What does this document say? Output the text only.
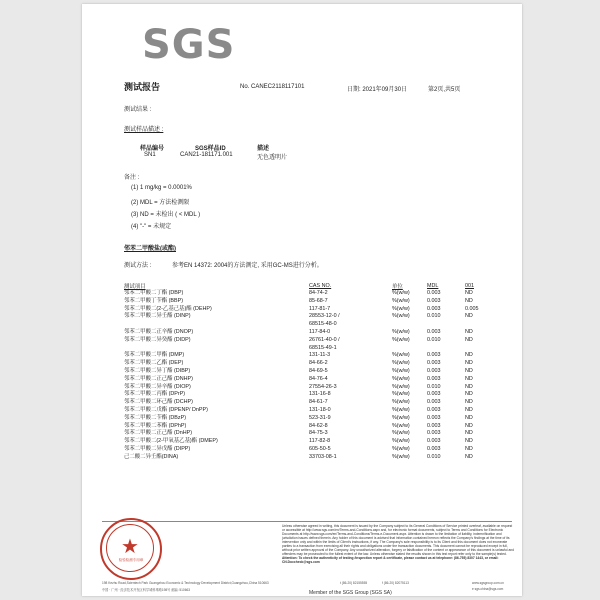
SGS
测试报告	No. CANEC2118117101	日期: 2021年09月30日	第2页,共5页
测试结果 :
测试样品描述 :
样品编号	SGS样品ID	描述
SN1	CAN21-181171.001	无色透明片
备注 :
(1) 1 mg/kg = 0.0001%
(2) MDL = 方法检测限
(3) ND = 未检出 ( < MDL )
(4) "-" = 未规定
邻苯二甲酸盐(或酯)
测试方法 :	参考EN 14372: 2004的方法测定, 采用GC-MS进行分析。
测试项目	CAS NO.	单位	MDL	001
邻苯二甲酸二丁酯 (DBP)	84-74-2	%(w/w)	0.003	ND
邻苯二甲酸丁苄酯 (BBP)	85-68-7	%(w/w)	0.003	ND
邻苯二甲酸二(2-乙基己基)酯 (DEHP)	117-81-7	%(w/w)	0.003	0.005
邻苯二甲酸二异壬酯 (DINP)	28553-12-0 /
68515-48-0	%(w/w)	0.010	ND
邻苯二甲酸二正辛酯 (DNOP)	117-84-0	%(w/w)	0.003	ND
邻苯二甲酸二异癸酯 (DIDP)	26761-40-0 /
68515-49-1	%(w/w)	0.010	ND
邻苯二甲酸二甲酯 (DMP)	131-11-3	%(w/w)	0.003	ND
邻苯二甲酸二乙酯 (DEP)	84-66-2	%(w/w)	0.003	ND
邻苯二甲酸二异丁酯 (DIBP)	84-69-5	%(w/w)	0.003	ND
邻苯二甲酸二正己酯 (DNHP)	84-76-4	%(w/w)	0.003	ND
邻苯二甲酸二异辛酯 (DIOP)	27554-26-3	%(w/w)	0.010	ND
邻苯二甲酸二丙酯 (DPrP)	131-16-8	%(w/w)	0.003	ND
邻苯二甲酸二环己酯 (DCHP)	84-61-7	%(w/w)	0.003	ND
邻苯二甲酸二戊酯 (DPENP/ DnPP)	131-18-0	%(w/w)	0.003	ND
邻苯二甲酸二苄酯 (DBzP)	523-31-9	%(w/w)	0.003	ND
邻苯二甲酸二苯酯 (DPhP)	84-62-8	%(w/w)	0.003	ND
邻苯二甲酸二正己酯 (DnHP)	84-75-3	%(w/w)	0.003	ND
邻苯二甲酸二(2-甲氧基乙基)酯 (DMEP)	117-82-8	%(w/w)	0.003	ND
邻苯二甲酸二异戊酯 (DIPP)	605-50-5	%(w/w)	0.003	ND
己二酸二异壬酯(DINA)	33703-08-1	%(w/w)	0.010	ND
★
检验检测专用章
Unless otherwise agreed in writing, this document is issued by the Company subject to its General Conditions of Service printed overleaf, available on request or accessible at http://www.sgs.com/en/Terms-and-Conditions.aspx and, for electronic format documents, subject to Terms and Conditions for Electronic Documents at http://www.sgs.com/en/Terms-and-Conditions/Terms-e-Document.aspx. Attention is drawn to the limitation of liability, indemnification and jurisdiction issues defined therein. Any holder of this document is advised that information contained hereon reflects the Company's findings at the time of its intervention only and within the limits of Client's instructions, if any. The Company's sole responsibility is to its Client and this document does not exonerate parties to a transaction from exercising all their rights and obligations under the transaction documents. This document cannot be reproduced except in full, without prior written approval of the Company. Any unauthorized alteration, forgery or falsification of the content or appearance of this document is unlawful and offenders may be prosecuted to the fullest extent of the law. Unless otherwise stated the results shown in this test report refer only to the sample(s) tested. Attention: To check the authenticity of testing /inspection report & certificate, please contact us at telephone: (86-755) 8307 1443, or email: CN.Doccheck@sgs.com
198 Kezhu Road,Scientech Park Guangzhou Economic & Technology Development District,Guangzhou,China 510663	t (86-20) 82155555	f (86-20) 82075113	www.sgsgroup.com.cn
中国 · 广州 · 经济技术开发区科学城科珠路198号 邮编: 510663	e sgs.china@sgs.com
Member of the SGS Group (SGS SA)
